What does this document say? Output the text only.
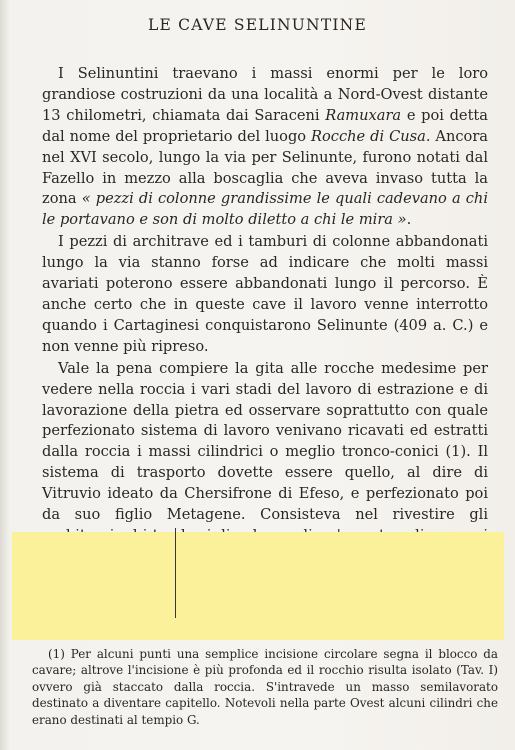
LE CAVE SELINUNTINE

I Selinuntini traevano i massi enormi per le loro grandiose costruzioni da una località a Nord-Ovest distante 13 chilometri, chiamata dai Saraceni Ramuxara e poi detta dal nome del proprietario del luogo Rocche di Cusa. Ancora nel XVI secolo, lungo la via per Selinunte, furono notati dal Fazello in mezzo alla boscaglia che aveva invaso tutta la zona « pezzi di colonne grandissime le quali cadevano a chi le portavano e son di molto diletto a chi le mira ».

I pezzi di architrave ed i tamburi di colonne abbandonati lungo la via stanno forse ad indicare che molti massi avariati poterono essere abbandonati lungo il percorso. È anche certo che in queste cave il lavoro venne interrotto quando i Cartaginesi conquistarono Selinunte (409 a. C.) e non venne più ripreso.

Vale la pena compiere la gita alle rocche medesime per vedere nella roccia i vari stadi del lavoro di estrazione e di lavorazione della pietra ed osservare soprattutto con quale perfezionato sistema di lavoro venivano ricavati ed estratti dalla roccia i massi cilindrici o meglio tronco-conici (1). Il sistema di trasporto dovette essere quello, al dire di Vitruvio ideato da Chersifrone di Efeso, e perfezionato poi da suo figlio Metagene. Consisteva nel rivestire gli

(1) Per alcuni punti una semplice incisione circolare segna il blocco da cavare; altrove l'incisione è più profonda ed il rocchio risulta isolato (Tav. I) ovvero già staccato dalla roccia. S'intravede un masso semilavorato destinato a diventare capitello. Notevoli nella parte Ovest alcuni cilindri che erano destinati al tempio G.
